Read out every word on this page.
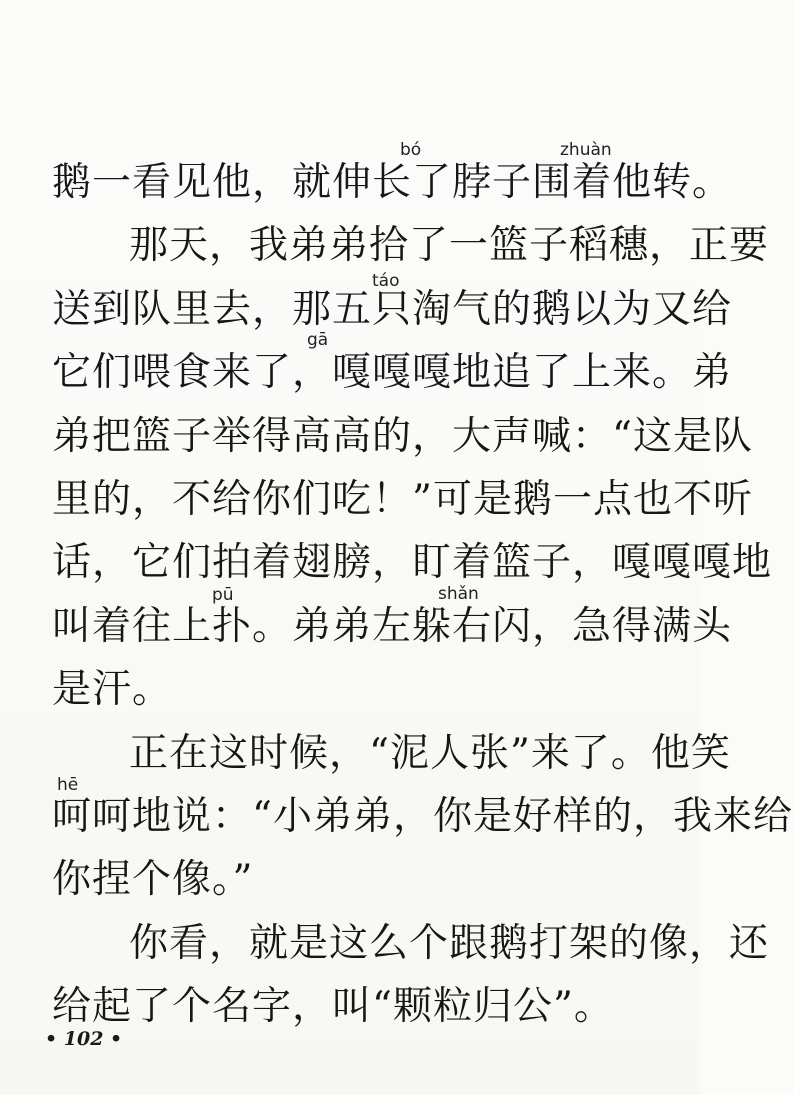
bó	zhuàn
táo
gā
pū	shǎn
hē
鹅一看见他，就伸长了脖子围着他转。
那天，我弟弟拾了一篮子稻穗，正要
送到队里去，那五只淘气的鹅以为又给
它们喂食来了，嘎嘎嘎地追了上来。弟
弟把篮子举得高高的，大声喊：“这是队
里的，不给你们吃！”可是鹅一点也不听
话，它们拍着翅膀，盯着篮子，嘎嘎嘎地
叫着往上扑。弟弟左躲右闪，急得满头
是汗。
正在这时候，“泥人张”来了。他笑
呵呵地说：“小弟弟，你是好样的，我来给
你捏个像。”
你看，就是这么个跟鹅打架的像，还
给起了个名字，叫“颗粒归公”。
• 102 •
